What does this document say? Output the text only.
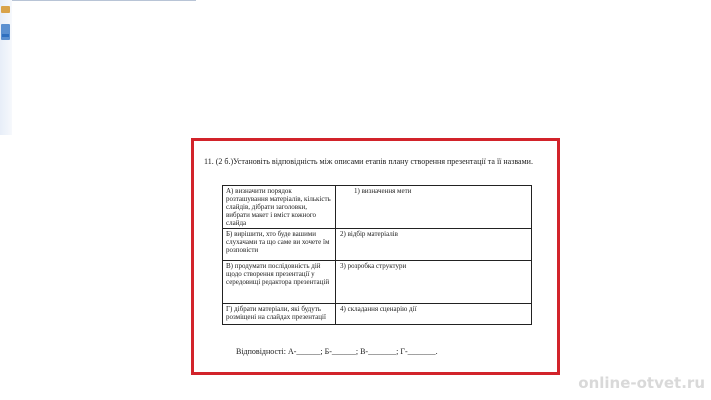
11. (2 б.)Установіть відповідність між описами етапів плану створення презентації та її назвами.
А) визначити порядок розташування матеріалів, кількість слайдів, дібрати заголовки, вибрати макет і вміст кожного слайда	1) визначення мети
Б) вирішити, хто буде вашими слухачами та що саме ви хочете їм розповісти	2) відбір матеріалів
В) продумати послідовність дій щодо створення презентації у середовищі редактора презентацій	3) розробка структури
Г) дібрати матеріали, які будуть розміщені на слайдах презентації	4) складання сценарію дії
Відповідності: А-______; Б-______; В-_______; Г-_______.
online-otvet.ru
